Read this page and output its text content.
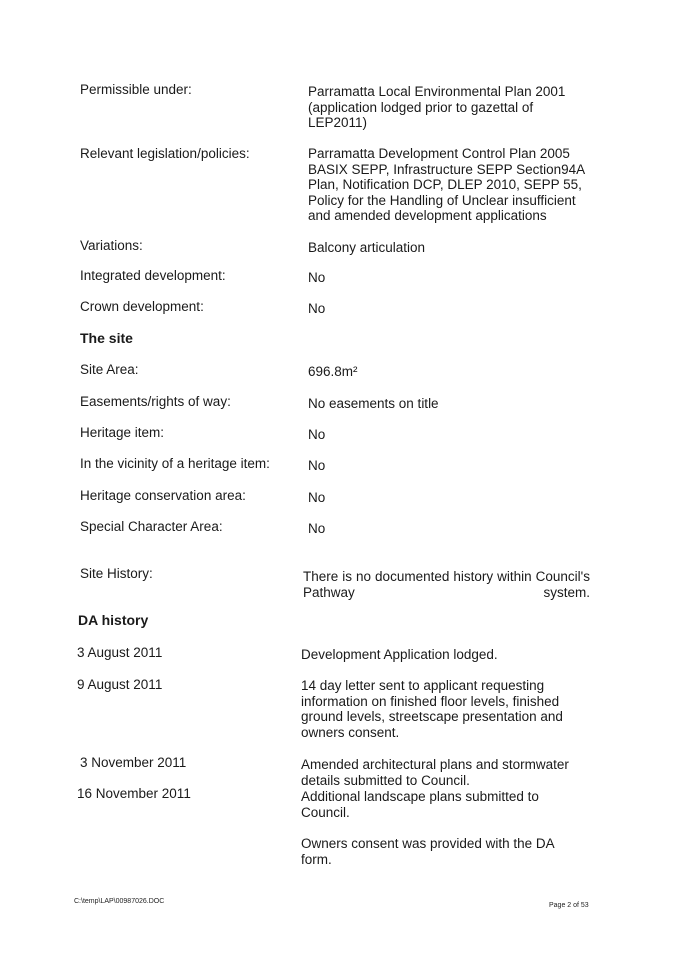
Permissible under:	Parramatta Local Environmental Plan 2001 (application lodged prior to gazettal of LEP2011)
Relevant legislation/policies:	Parramatta Development Control Plan 2005 BASIX SEPP, Infrastructure SEPP Section94A Plan, Notification DCP, DLEP 2010, SEPP 55, Policy for the Handling of Unclear insufficient and amended development applications
Variations:	Balcony articulation
Integrated development:	No
Crown development:	No
The site
Site Area:	696.8m²
Easements/rights of way:	No easements on title
Heritage item:	No
In the vicinity of a heritage item:	No
Heritage conservation area:	No
Special Character Area:	No
Site History:	There is no documented history within Council's Pathway system.
DA history
3 August 2011	Development Application lodged.
9 August 2011	14 day letter sent to applicant requesting information on finished floor levels, finished ground levels, streetscape presentation and owners consent.
3 November 2011	Amended architectural plans and stormwater details submitted to Council.
16 November 2011	Additional landscape plans submitted to Council.
Owners consent was provided with the DA form.
C:\temp\LAP\00987026.DOC
Page 2 of 53
